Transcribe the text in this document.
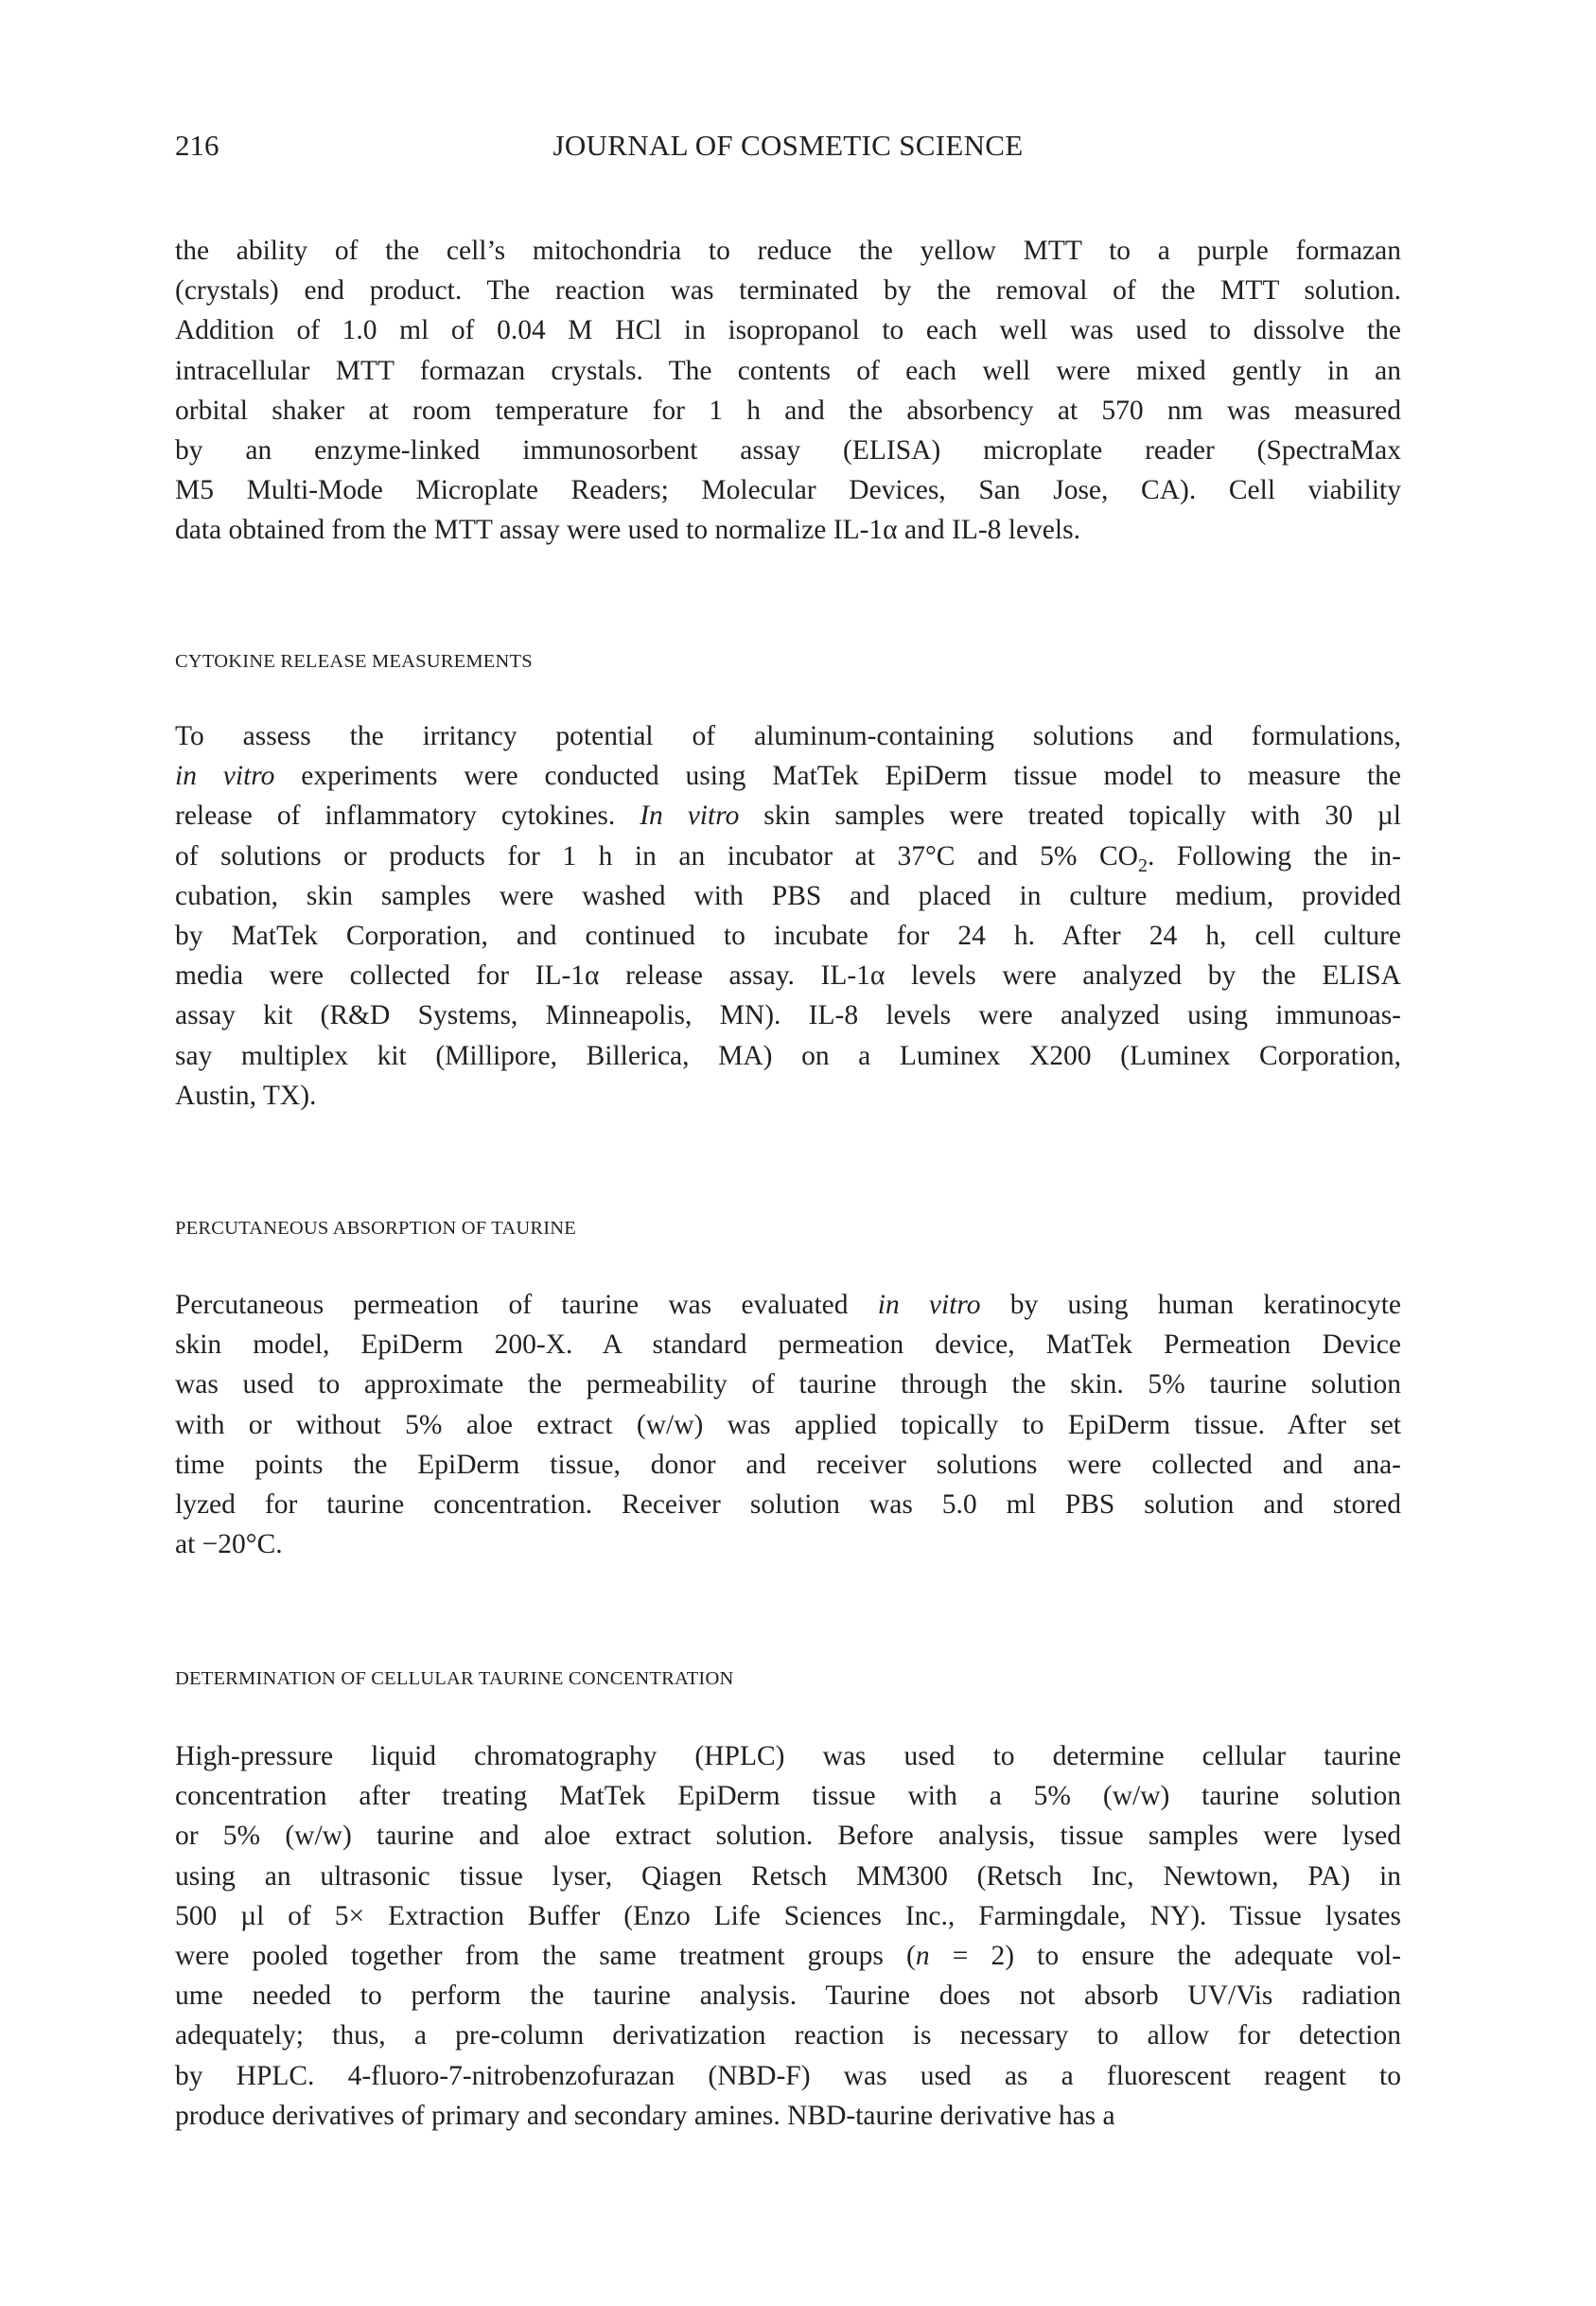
216	JOURNAL OF COSMETIC SCIENCE
the ability of the cell’s mitochondria to reduce the yellow MTT to a purple formazan
(crystals) end product. The reaction was terminated by the removal of the MTT solution.
Addition of 1.0 ml of 0.04 M HCl in isopropanol to each well was used to dissolve the
intracellular MTT formazan crystals. The contents of each well were mixed gently in an
orbital shaker at room temperature for 1 h and the absorbency at 570 nm was measured
by an enzyme-linked immunosorbent assay (ELISA) microplate reader (SpectraMax
M5 Multi-Mode Microplate Readers; Molecular Devices, San Jose, CA). Cell viability
data obtained from the MTT assay were used to normalize IL-1α and IL-8 levels.
CYTOKINE RELEASE MEASUREMENTS
To assess the irritancy potential of aluminum-containing solutions and formulations,
in vitro experiments were conducted using MatTek EpiDerm tissue model to measure the
release of inflammatory cytokines. In vitro skin samples were treated topically with 30 µl
of solutions or products for 1 h in an incubator at 37°C and 5% $CO_2$. Following the in-
cubation, skin samples were washed with PBS and placed in culture medium, provided
by MatTek Corporation, and continued to incubate for 24 h. After 24 h, cell culture
media were collected for IL-1α release assay. IL-1α levels were analyzed by the ELISA
assay kit (R&D Systems, Minneapolis, MN). IL-8 levels were analyzed using immunoas-
say multiplex kit (Millipore, Billerica, MA) on a Luminex X200 (Luminex Corporation,
Austin, TX).
PERCUTANEOUS ABSORPTION OF TAURINE
Percutaneous permeation of taurine was evaluated in vitro by using human keratinocyte
skin model, EpiDerm 200-X. A standard permeation device, MatTek Permeation Device
was used to approximate the permeability of taurine through the skin. 5% taurine solution
with or without 5% aloe extract (w/w) was applied topically to EpiDerm tissue. After set
time points the EpiDerm tissue, donor and receiver solutions were collected and ana-
lyzed for taurine concentration. Receiver solution was 5.0 ml PBS solution and stored
at −20°C.
DETERMINATION OF CELLULAR TAURINE CONCENTRATION
High-pressure liquid chromatography (HPLC) was used to determine cellular taurine
concentration after treating MatTek EpiDerm tissue with a 5% (w/w) taurine solution
or 5% (w/w) taurine and aloe extract solution. Before analysis, tissue samples were lysed
using an ultrasonic tissue lyser, Qiagen Retsch MM300 (Retsch Inc, Newtown, PA) in
500 µl of 5× Extraction Buffer (Enzo Life Sciences Inc., Farmingdale, NY). Tissue lysates
were pooled together from the same treatment groups (n = 2) to ensure the adequate vol-
ume needed to perform the taurine analysis. Taurine does not absorb UV/Vis radiation
adequately; thus, a pre-column derivatization reaction is necessary to allow for detection
by HPLC. 4-fluoro-7-nitrobenzofurazan (NBD-F) was used as a fluorescent reagent to
produce derivatives of primary and secondary amines. NBD-taurine derivative has a
